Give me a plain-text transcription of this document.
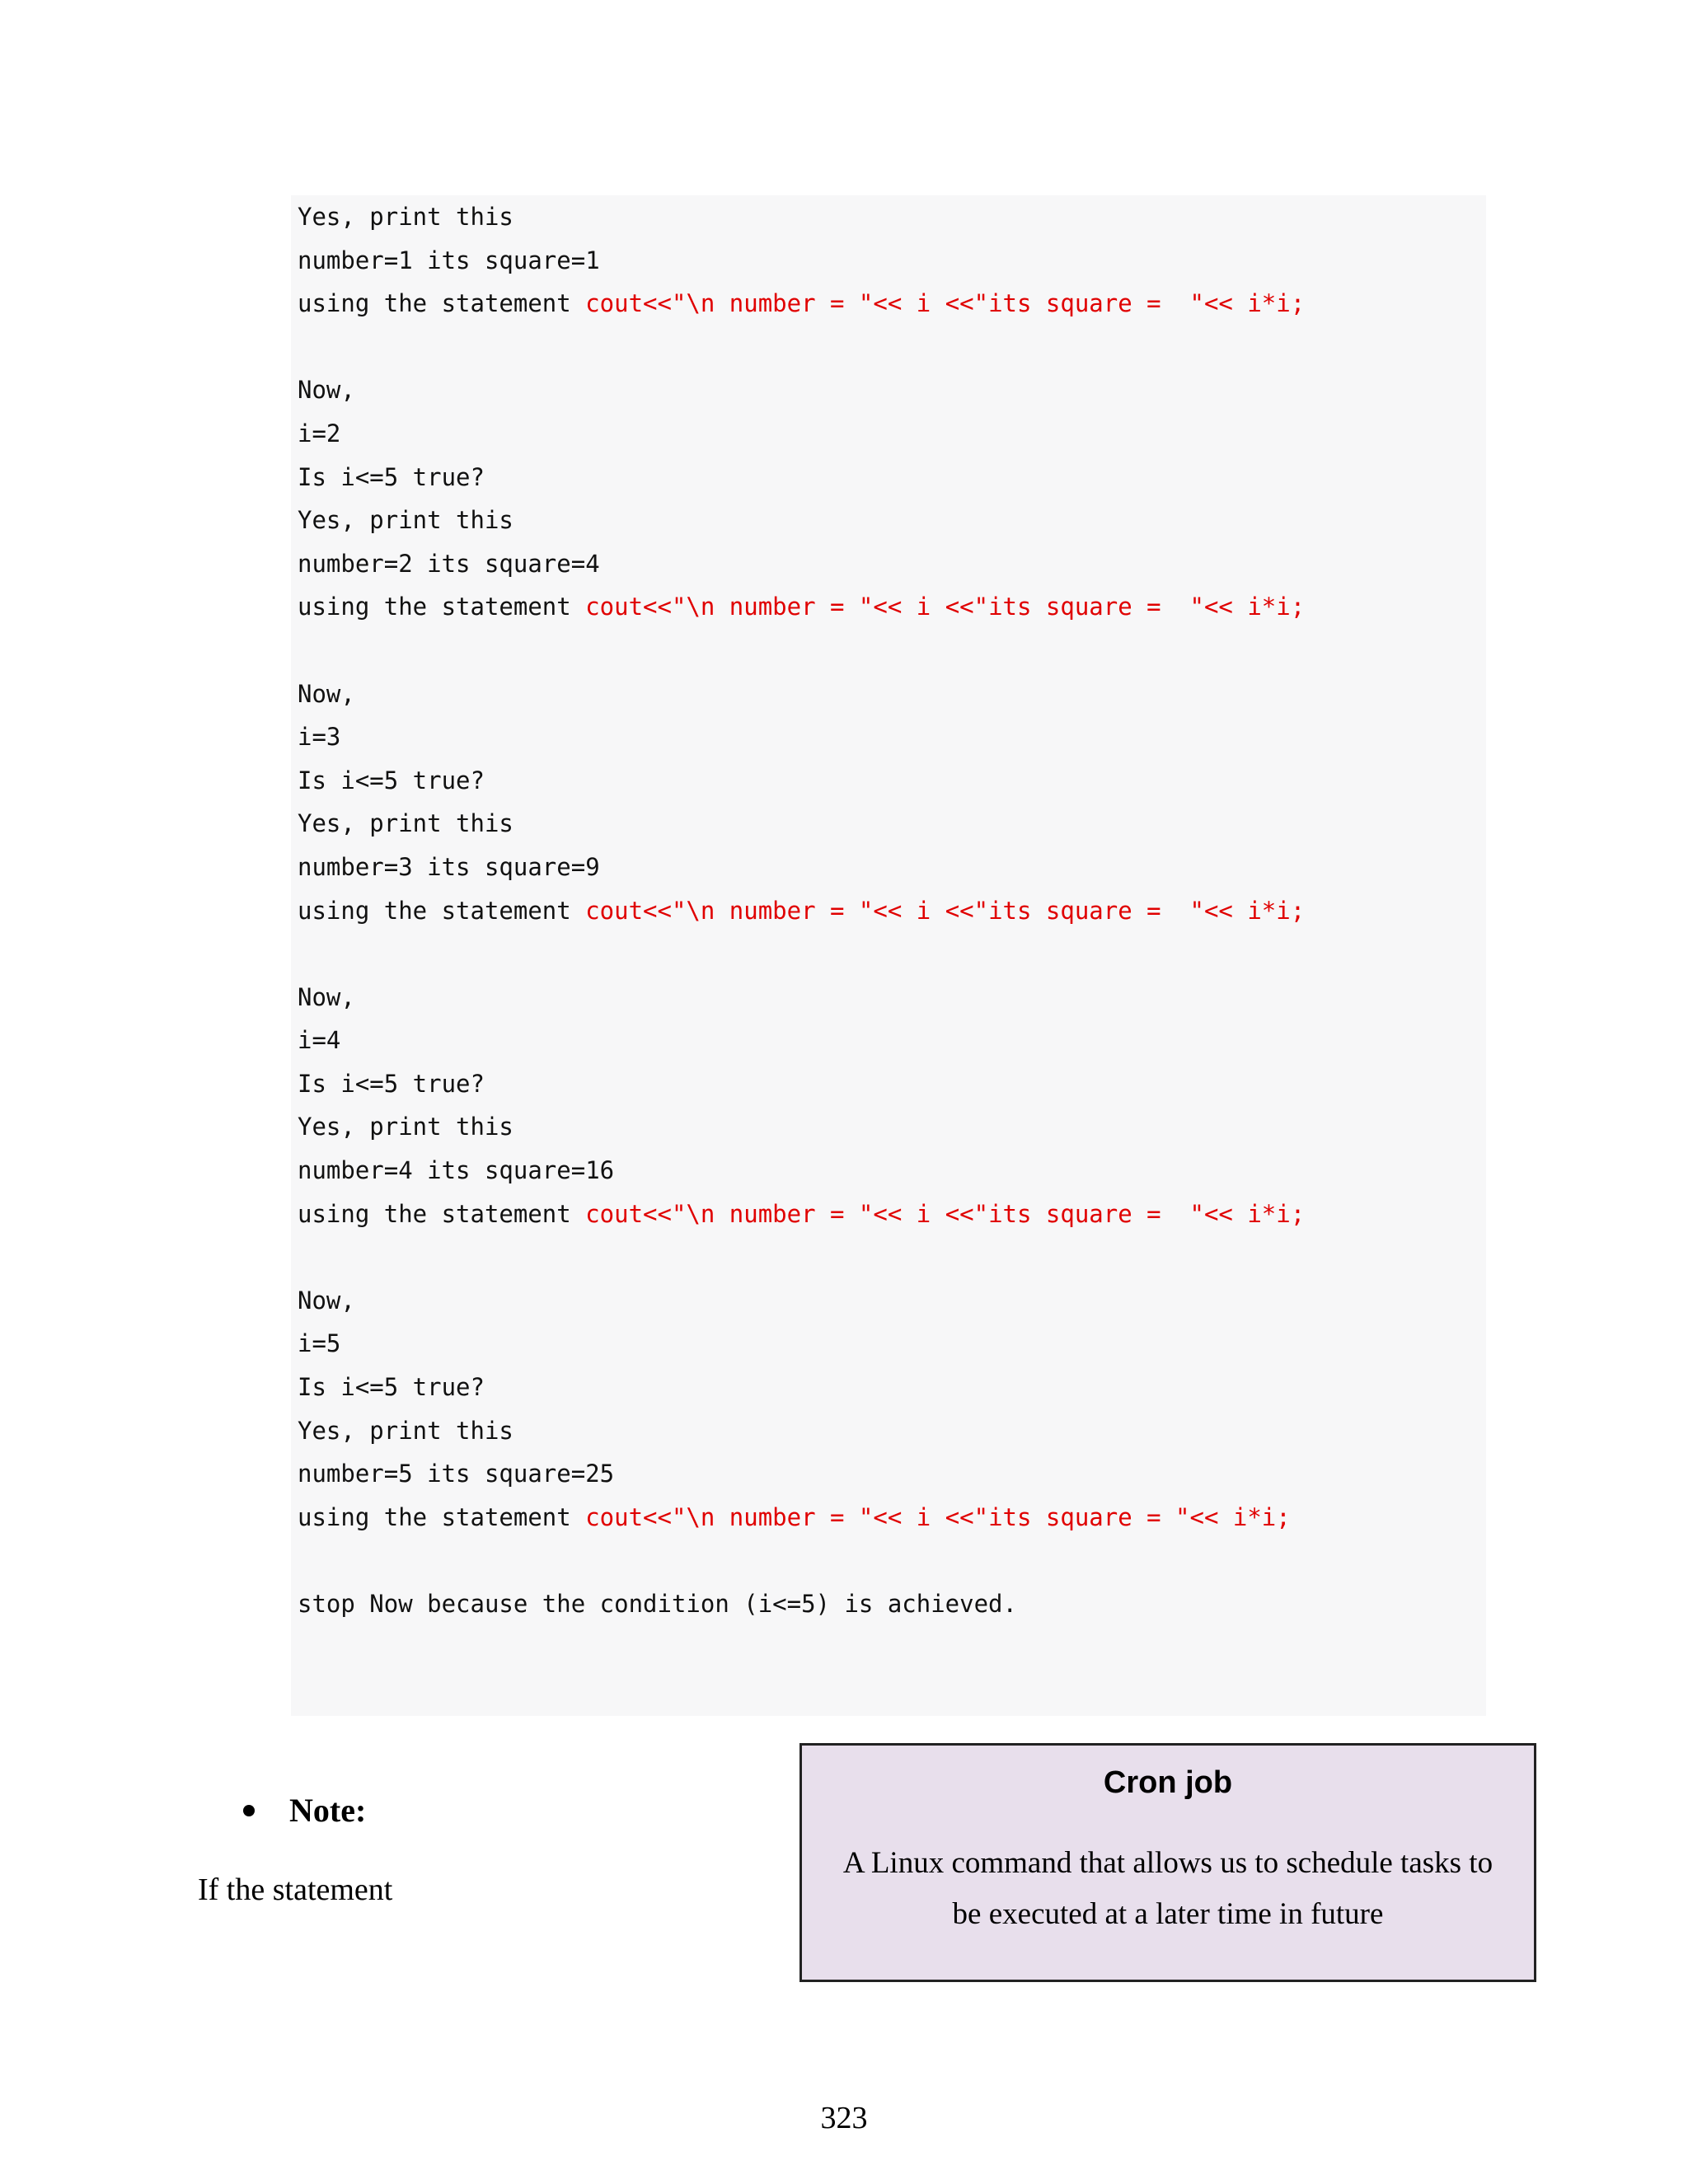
Yes, print this
number=1 its square=1
using the statement cout<<"\n number = "<< i <<"its square =  "<< i*i;
Now,
i=2
Is i<=5 true?
Yes, print this
number=2 its square=4
using the statement cout<<"\n number = "<< i <<"its square =  "<< i*i;
Now,
i=3
Is i<=5 true?
Yes, print this
number=3 its square=9
using the statement cout<<"\n number = "<< i <<"its square =  "<< i*i;
Now,
i=4
Is i<=5 true?
Yes, print this
number=4 its square=16
using the statement cout<<"\n number = "<< i <<"its square =  "<< i*i;
Now,
i=5
Is i<=5 true?
Yes, print this
number=5 its square=25
using the statement cout<<"\n number = "<< i <<"its square = "<< i*i;
stop Now because the condition (i<=5) is achieved.
Note:
If the statement
Cron job
A Linux command that allows us to schedule tasks to be executed at a later time in future
323
